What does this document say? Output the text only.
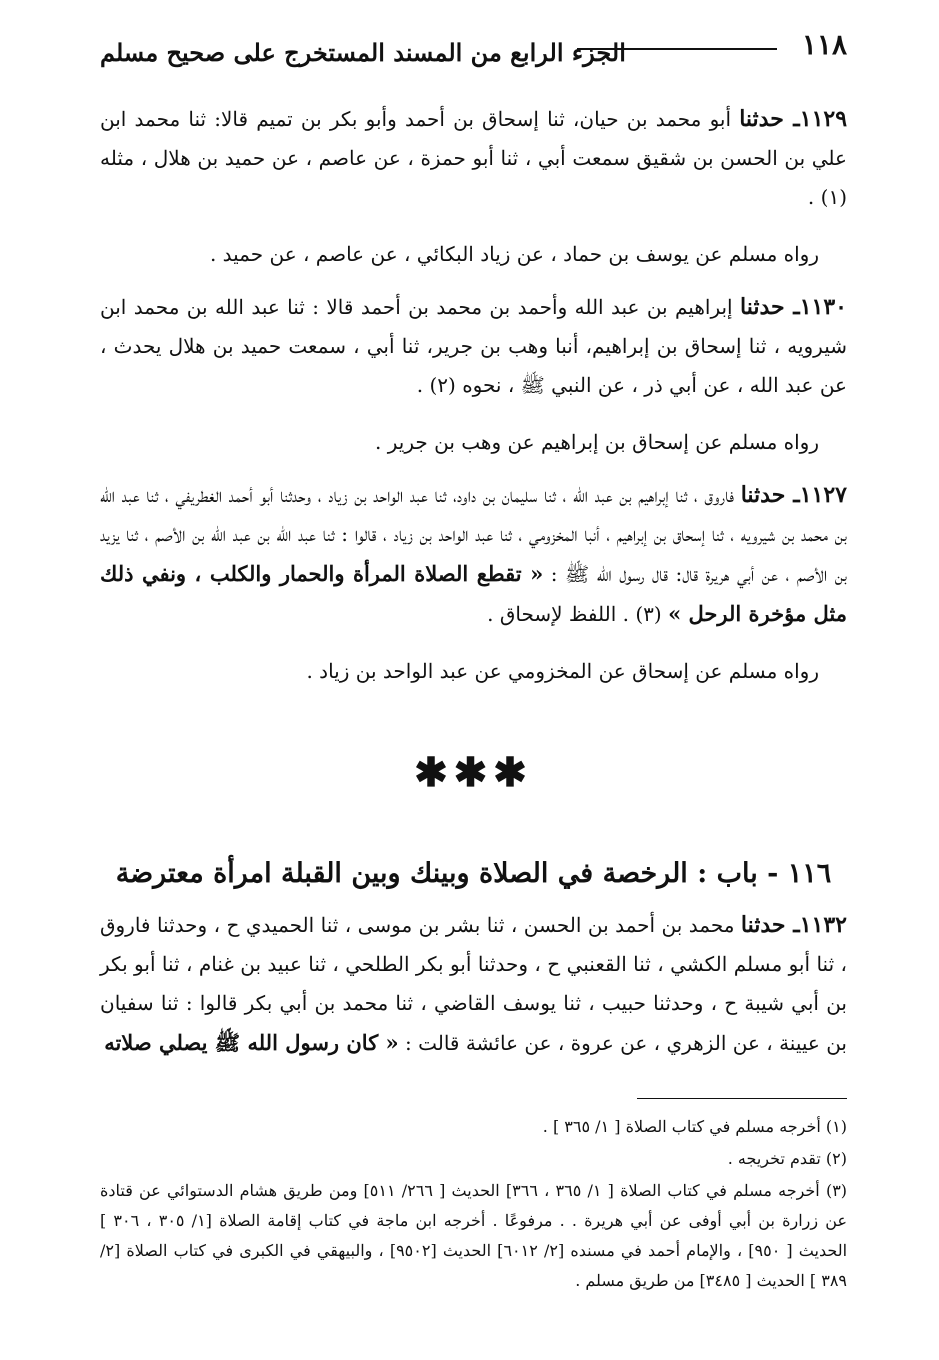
١١٨
الجزء الرابع من المسند المستخرج على صحيح مسلم

١١٢٩ـ حدثنا أبو محمد بن حيان، ثنا إسحاق بن أحمد وأبو بكر بن تميم قالا: ثنا محمد ابن علي بن الحسن بن شقيق سمعت أبي ، ثنا أبو حمزة ، عن عاصم ، عن حميد بن هلال ، مثله (١) .

رواه مسلم عن يوسف بن حماد ، عن زياد البكائي ، عن عاصم ، عن حميد .

١١٣٠ـ حدثنا إبراهيم بن عبد الله وأحمد بن محمد بن أحمد قالا : ثنا عبد الله بن محمد ابن شيرويه ، ثنا إسحاق بن إبراهيم، أنبا وهب بن جرير، ثنا أبي ، سمعت حميد بن هلال يحدث ، عن عبد الله ، عن أبي ذر ، عن النبي ﷺ ، نحوه (٢) .

رواه مسلم عن إسحاق بن إبراهيم عن وهب بن جرير .

١١٢٧ـ حدثنا فاروق ، ثنا إبراهيم بن عبد الله ، ثنا سليمان بن داود، ثنا عبد الواحد بن زياد ، وحدثنا أبو أحمد الغطريفي ، ثنا عبد الله بن محمد بن شيرويه ، ثنا إسحاق بن إبراهيم ، أنبا المخزومي ، ثنا عبد الواحد بن زياد ، قالوا : ثنا عبد الله بن عبد الله بن الأصم ، ثنا يزيد بن الأصم ، عن أبي هريرة قال: قال رسول الله ﷺ : « تقطع الصلاة المرأة والحمار والكلب ، ونفي ذلك مثل مؤخرة الرحل » (٣) . اللفظ لإسحاق .

رواه مسلم عن إسحاق عن المخزومي عن عبد الواحد بن زياد .

✱✱✱
١١٦ - باب : الرخصة في الصلاة وبينك وبين القبلة امرأة معترضة

١١٣٢ـ حدثنا محمد بن أحمد بن الحسن ، ثنا بشر بن موسى ، ثنا الحميدي ح ، وحدثنا فاروق ، ثنا أبو مسلم الكشي ، ثنا القعنبي ح ، وحدثنا أبو بكر الطلحي ، ثنا عبيد بن غنام ، ثنا أبو بكر بن أبي شيبة ح ، وحدثنا حبيب ، ثنا يوسف القاضي ، ثنا محمد بن أبي بكر قالوا : ثنا سفيان بن عيينة ، عن الزهري ، عن عروة ، عن عائشة قالت : « كان رسول الله ﷺ يصلي صلاته

(١) أخرجه مسلم في كتاب الصلاة [ ١/ ٣٦٥ ] .

(٢) تقدم تخريجه .

(٣) أخرجه مسلم في كتاب الصلاة [ ١/ ٣٦٥ ، ٣٦٦] الحديث [ ٢٦٦/ ٥١١] ومن طريق هشام الدستوائي عن قتادة عن زرارة بن أبي أوفى عن أبي هريرة . . مرفوعًا . أخرجه ابن ماجة في كتاب إقامة الصلاة [١/ ٣٠٥ ، ٣٠٦ ] الحديث [ ٩٥٠] ، والإمام أحمد في مسنده [٢/ ٦٠١٢] الحديث [٩٥٠٢] ، والبيهقي في الكبرى في كتاب الصلاة [٢/ ٣٨٩ ] الحديث [ ٣٤٨٥] من طريق مسلم .
